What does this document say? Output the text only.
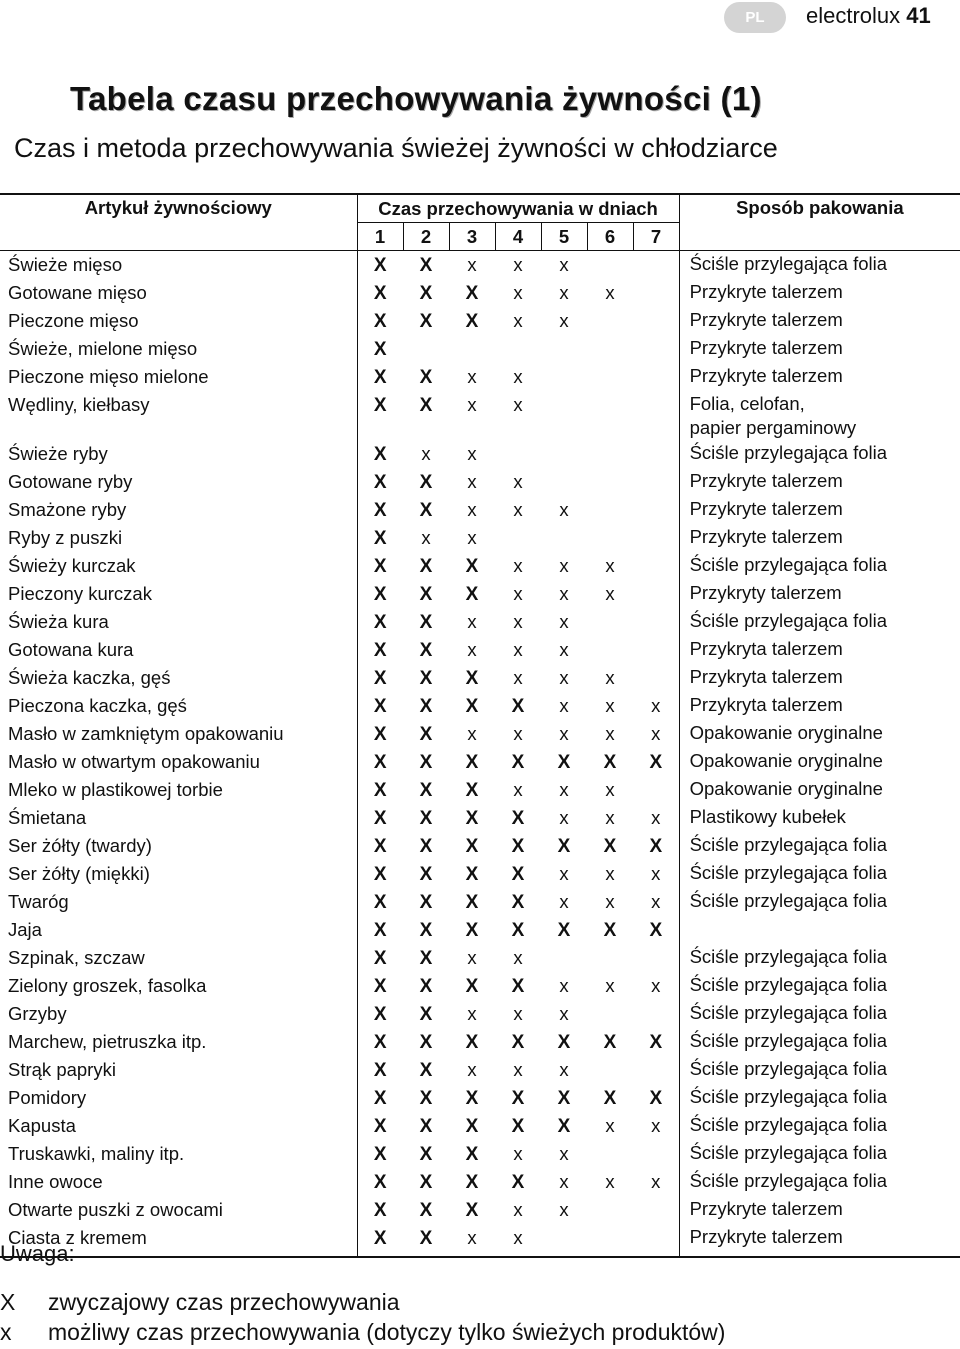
PL	electrolux 41
Tabela czasu przechowywania żywności (1)
Czas i metoda przechowywania świeżej żywności w chłodziarce
Artykuł żywnościowy	Czas przechowywania w dniach							Sposób pakowania
	1	2	3	4	5	6	7	
Świeże mięso	X	X	x	x	x			Ściśle przylegająca folia

Gotowane mięso	X	X	X	x	x	x		Przykryte talerzem

Pieczone mięso	X	X	X	x	x			Przykryte talerzem

Świeże, mielone mięso	X							Przykryte talerzem

Pieczone mięso mielone	X	X	x	x				Przykryte talerzem

Wędliny, kiełbasy	X	X	x	x				Folia, celofan,
papier pergaminowy

Świeże ryby	X	x	x					Ściśle przylegająca folia

Gotowane ryby	X	X	x	x				Przykryte talerzem

Smażone ryby	X	X	x	x	x			Przykryte talerzem

Ryby z puszki	X	x	x					Przykryte talerzem

Świeży kurczak	X	X	X	x	x	x		Ściśle przylegająca folia

Pieczony kurczak	X	X	X	x	x	x		Przykryty talerzem

Świeża kura	X	X	x	x	x			Ściśle przylegająca folia

Gotowana kura	X	X	x	x	x			Przykryta talerzem

Świeża kaczka, gęś	X	X	X	x	x	x		Przykryta talerzem

Pieczona kaczka, gęś	X	X	X	X	x	x	x	Przykryta talerzem

Masło w zamkniętym opakowaniu	X	X	x	x	x	x	x	Opakowanie oryginalne

Masło w otwartym opakowaniu	X	X	X	X	X	X	X	Opakowanie oryginalne

Mleko w plastikowej torbie	X	X	X	x	x	x		Opakowanie oryginalne

Śmietana	X	X	X	X	x	x	x	Plastikowy kubełek

Ser żółty (twardy)	X	X	X	X	X	X	X	Ściśle przylegająca folia

Ser żółty (miękki)	X	X	X	X	x	x	x	Ściśle przylegająca folia

Twaróg	X	X	X	X	x	x	x	Ściśle przylegająca folia

Jaja	X	X	X	X	X	X	X	

Szpinak, szczaw	X	X	x	x				Ściśle przylegająca folia

Zielony groszek, fasolka	X	X	X	X	x	x	x	Ściśle przylegająca folia

Grzyby	X	X	x	x	x			Ściśle przylegająca folia

Marchew, pietruszka itp.	X	X	X	X	X	X	X	Ściśle przylegająca folia

Strąk papryki	X	X	x	x	x			Ściśle przylegająca folia

Pomidory	X	X	X	X	X	X	X	Ściśle przylegająca folia

Kapusta	X	X	X	X	X	x	x	Ściśle przylegająca folia

Truskawki, maliny itp.	X	X	X	x	x			Ściśle przylegająca folia

Inne owoce	X	X	X	X	x	x	x	Ściśle przylegająca folia

Otwarte puszki z owocami	X	X	X	x	x			Przykryte talerzem

Ciasta z kremem	X	X	x	x				Przykryte talerzem
Uwaga:
X	zwyczajowy czas przechowywania
x	możliwy czas przechowywania (dotyczy tylko świeżych produktów)
